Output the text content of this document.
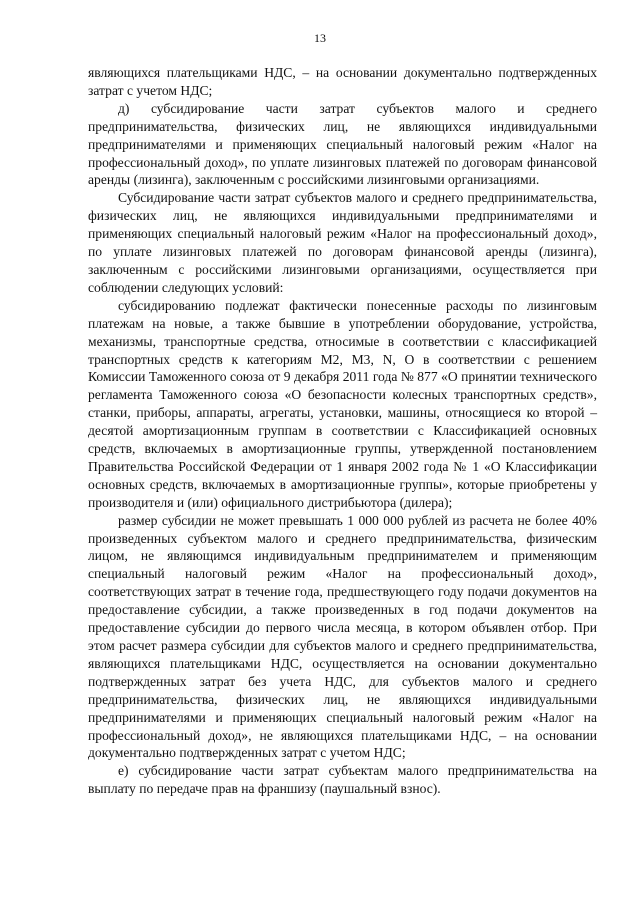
13

являющихся плательщиками НДС, – на основании документально подтвержденных затрат с учетом НДС;

д) субсидирование части затрат субъектов малого и среднего предпринимательства, физических лиц, не являющихся индивидуальными предпринимателями и применяющих специальный налоговый режим «Налог на профессиональный доход», по уплате лизинговых платежей по договорам финансовой аренды (лизинга), заключенным с российскими лизинговыми организациями.

Субсидирование части затрат субъектов малого и среднего предпринимательства, физических лиц, не являющихся индивидуальными предпринимателями и применяющих специальный налоговый режим «Налог на профессиональный доход», по уплате лизинговых платежей по договорам финансовой аренды (лизинга), заключенным с российскими лизинговыми организациями, осуществляется при соблюдении следующих условий:

субсидированию подлежат фактически понесенные расходы по лизинговым платежам на новые, а также бывшие в употреблении оборудование, устройства, механизмы, транспортные средства, относимые в соответствии с классификацией транспортных средств к категориям M2, M3, N, O в соответствии с решением Комиссии Таможенного союза от 9 декабря 2011 года № 877 «О принятии технического регламента Таможенного союза «О безопасности колесных транспортных средств», станки, приборы, аппараты, агрегаты, установки, машины, относящиеся ко второй – десятой амортизационным группам в соответствии с Классификацией основных средств, включаемых в амортизационные группы, утвержденной постановлением Правительства Российской Федерации от 1 января 2002 года № 1 «О Классификации основных средств, включаемых в амортизационные группы», которые приобретены у производителя и (или) официального дистрибьютора (дилера);

размер субсидии не может превышать 1 000 000 рублей из расчета не более 40% произведенных субъектом малого и среднего предпринимательства, физическим лицом, не являющимся индивидуальным предпринимателем и применяющим специальный налоговый режим «Налог на профессиональный доход», соответствующих затрат в течение года, предшествующего году подачи документов на предоставление субсидии, а также произведенных в год подачи документов на предоставление субсидии до первого числа месяца, в котором объявлен отбор. При этом расчет размера субсидии для субъектов малого и среднего предпринимательства, являющихся плательщиками НДС, осуществляется на основании документально подтвержденных затрат без учета НДС, для субъектов малого и среднего предпринимательства, физических лиц, не являющихся индивидуальными предпринимателями и применяющих специальный налоговый режим «Налог на профессиональный доход», не являющихся плательщиками НДС, – на основании документально подтвержденных затрат с учетом НДС;

е) субсидирование части затрат субъектам малого предпринимательства на выплату по передаче прав на франшизу (паушальный взнос).
